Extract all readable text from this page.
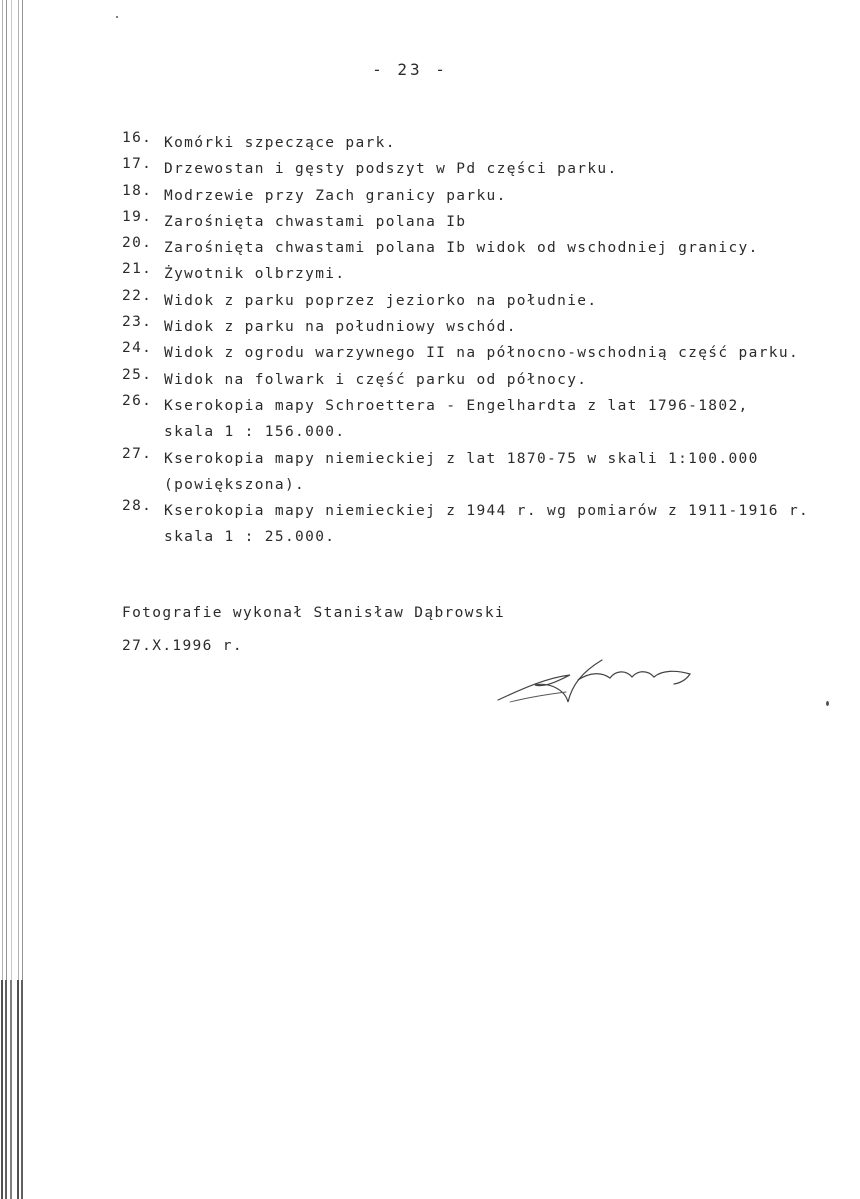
- 23 -
16. Komórki szpeczące park.
17. Drzewostan i gęsty podszyt w Pd części parku.
18. Modrzewie przy Zach granicy parku.
19. Zarośnięta chwastami polana Ib
20. Zarośnięta chwastami polana Ib widok od wschodniej granicy.
21. Żywotnik olbrzymi.
22. Widok z parku poprzez jeziorko na południe.
23. Widok z parku na południowy wschód.
24. Widok z ogrodu warzywnego II na północno-wschodnią część parku.
25. Widok na folwark i część parku od północy.
26. Kserokopia mapy Schroettera - Engelhardta z lat 1796-1802,
skala 1 : 156.000.
27. Kserokopia mapy niemieckiej z lat 1870-75 w skali 1:100.000
(powiększona).
28. Kserokopia mapy niemieckiej z 1944 r. wg pomiarów z 1911-1916 r.
skala 1 : 25.000.
Fotografie wykonał Stanisław Dąbrowski
27.X.1996 r.
